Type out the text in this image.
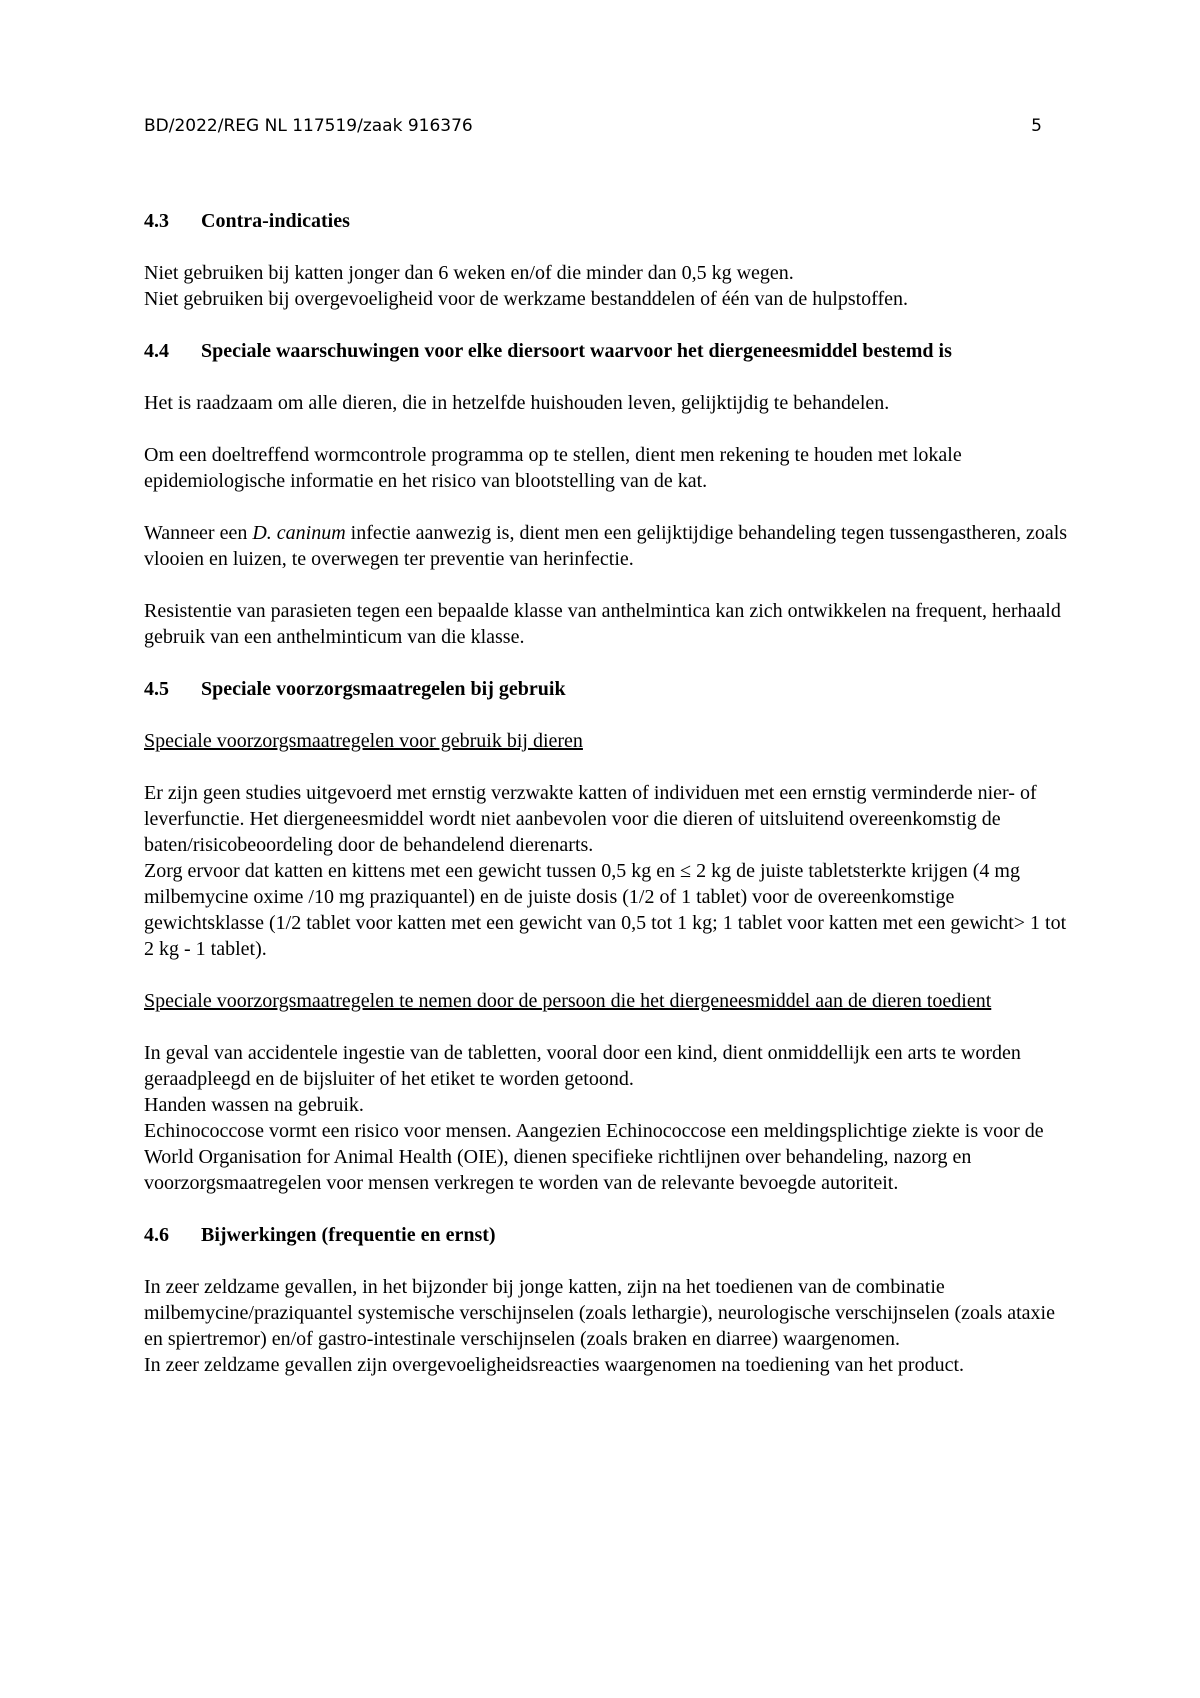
BD/2022/REG NL 117519/zaak 916376	5
4.3	Contra-indicaties
Niet gebruiken bij katten jonger dan 6 weken en/of die minder dan 0,5 kg wegen.
Niet gebruiken bij overgevoeligheid voor de werkzame bestanddelen of één van de hulpstoffen.
4.4	Speciale waarschuwingen voor elke diersoort waarvoor het diergeneesmiddel bestemd is

Het is raadzaam om alle dieren, die in hetzelfde huishouden leven, gelijktijdig te behandelen.

Om een doeltreffend wormcontrole programma op te stellen, dient men rekening te houden met lokale epidemiologische informatie en het risico van blootstelling van de kat.

Wanneer een D. caninum infectie aanwezig is, dient men een gelijktijdige behandeling tegen tussengastheren, zoals vlooien en luizen, te overwegen ter preventie van herinfectie.

Resistentie van parasieten tegen een bepaalde klasse van anthelmintica kan zich ontwikkelen na frequent, herhaald gebruik van een anthelminticum van die klasse.

4.5	Speciale voorzorgsmaatregelen bij gebruik
Speciale voorzorgsmaatregelen voor gebruik bij dieren
Er zijn geen studies uitgevoerd met ernstig verzwakte katten of individuen met een ernstig verminderde nier- of leverfunctie. Het diergeneesmiddel wordt niet aanbevolen voor die dieren of uitsluitend overeenkomstig de baten/risicobeoordeling door de behandelend dierenarts.
Zorg ervoor dat katten en kittens met een gewicht tussen 0,5 kg en ≤ 2 kg de juiste tabletsterkte krijgen (4 mg milbemycine oxime /10 mg praziquantel) en de juiste dosis (1/2 of 1 tablet) voor de overeenkomstige gewichtsklasse (1/2 tablet voor katten met een gewicht van 0,5 tot 1 kg; 1 tablet voor katten met een gewicht> 1 tot 2 kg - 1 tablet).
Speciale voorzorgsmaatregelen te nemen door de persoon die het diergeneesmiddel aan de dieren toedient
In geval van accidentele ingestie van de tabletten, vooral door een kind, dient onmiddellijk een arts te worden geraadpleegd en de bijsluiter of het etiket te worden getoond.
Handen wassen na gebruik.
Echinococcose vormt een risico voor mensen. Aangezien Echinococcose een meldingsplichtige ziekte is voor de World Organisation for Animal Health (OIE), dienen specifieke richtlijnen over behandeling, nazorg en voorzorgsmaatregelen voor mensen verkregen te worden van de relevante bevoegde autoriteit.
4.6	Bijwerkingen (frequentie en ernst)
In zeer zeldzame gevallen, in het bijzonder bij jonge katten, zijn na het toedienen van de combinatie milbemycine/praziquantel systemische verschijnselen (zoals lethargie), neurologische verschijnselen (zoals ataxie en spiertremor) en/of gastro-intestinale verschijnselen (zoals braken en diarree) waargenomen.
In zeer zeldzame gevallen zijn overgevoeligheidsreacties waargenomen na toediening van het product.
